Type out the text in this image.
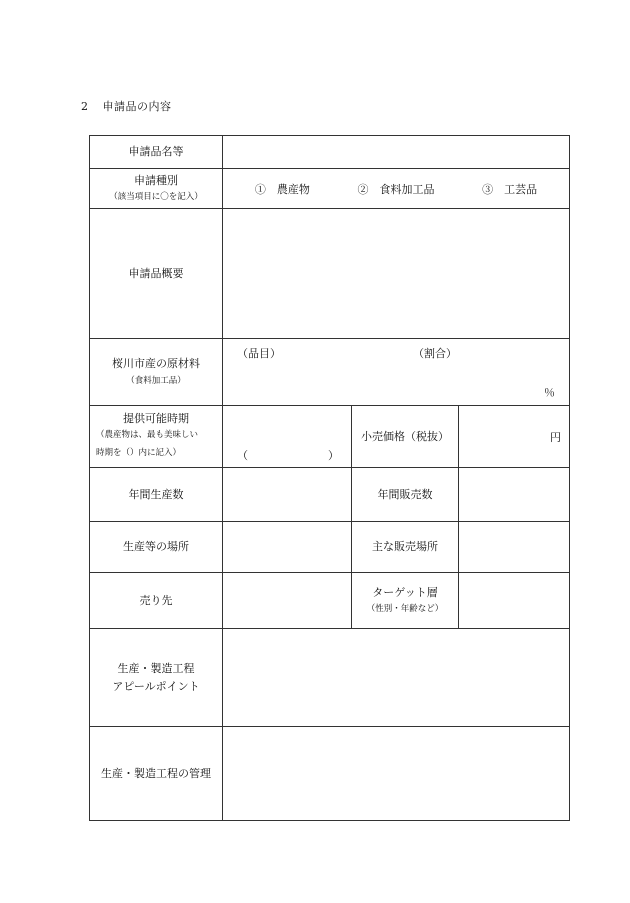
2 申請品の内容
申請品名等			
申請種別
（該当項目に〇を記入）	①　農産物 ②　食料加工品 ③　工芸品		

申請品概要			
桜川市産の原材料
（食料加工品）	（品目） （割合）
％		

提供可能時期
（農産物は、最も美味しい
時期を（）内に記入）	（ ）	小売価格（税抜）	円
年間生産数		年間販売数	
生産等の場所		主な販売場所	
売り先		ターゲット層
（性別・年齢など）	

生産・製造工程
アピールポイント			
生産・製造工程の管理			
